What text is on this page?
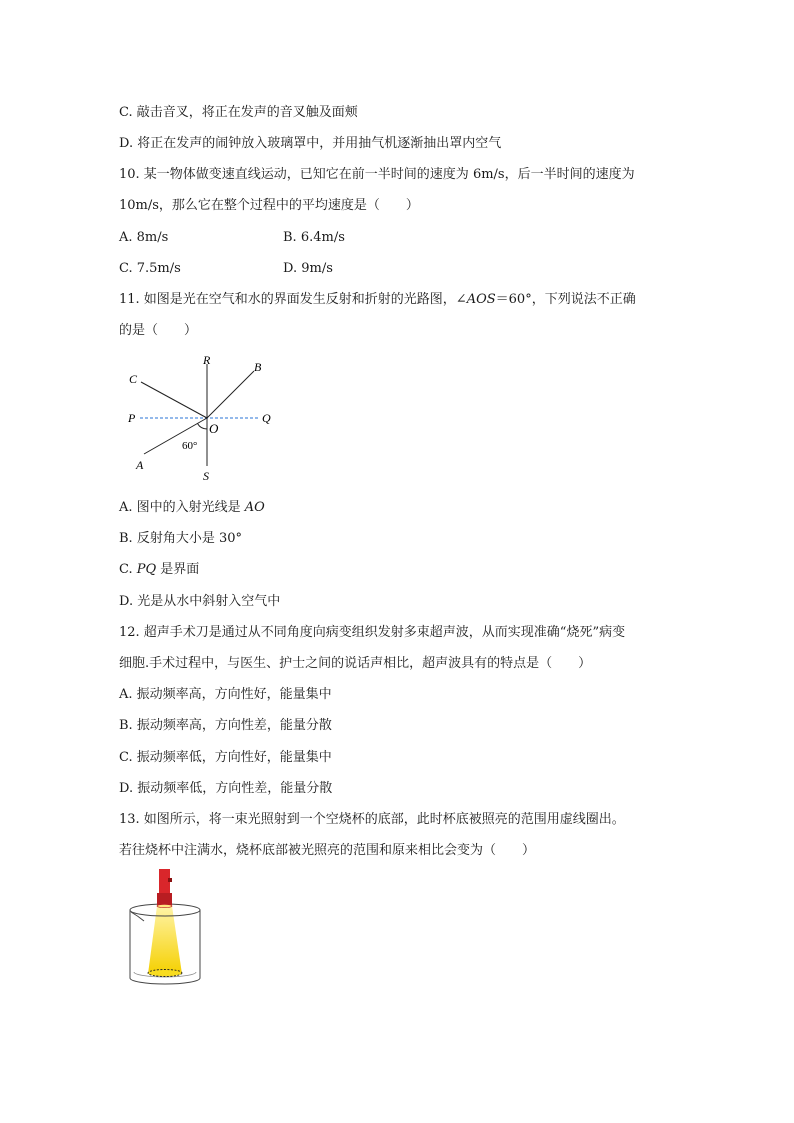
C. 敲击音叉，将正在发声的音叉触及面颊

D. 将正在发声的闹钟放入玻璃罩中，并用抽气机逐渐抽出罩内空气

10. 某一物体做变速直线运动，已知它在前一半时间的速度为 6m/s，后一半时间的速度为

10m/s，那么它在整个过程中的平均速度是（　　）

A. 8m/s	B. 6.4m/s

C. 7.5m/s	D. 9m/s

11. 如图是光在空气和水的界面发生反射和折射的光路图，∠AOS＝60°，下列说法不正确

的是（　　）

R	B
C
P	Q
O
60°
A
S

A. 图中的入射光线是 AO

B. 反射角大小是 30°

C. PQ 是界面

D. 光是从水中斜射入空气中

12. 超声手术刀是通过从不同角度向病变组织发射多束超声波，从而实现准确“烧死”病变

细胞.手术过程中，与医生、护士之间的说话声相比，超声波具有的特点是（　　）

A. 振动频率高，方向性好，能量集中

B. 振动频率高，方向性差，能量分散

C. 振动频率低，方向性好，能量集中

D. 振动频率低，方向性差，能量分散

13. 如图所示，将一束光照射到一个空烧杯的底部，此时杯底被照亮的范围用虚线圈出。

若往烧杯中注满水，烧杯底部被光照亮的范围和原来相比会变为（　　）
